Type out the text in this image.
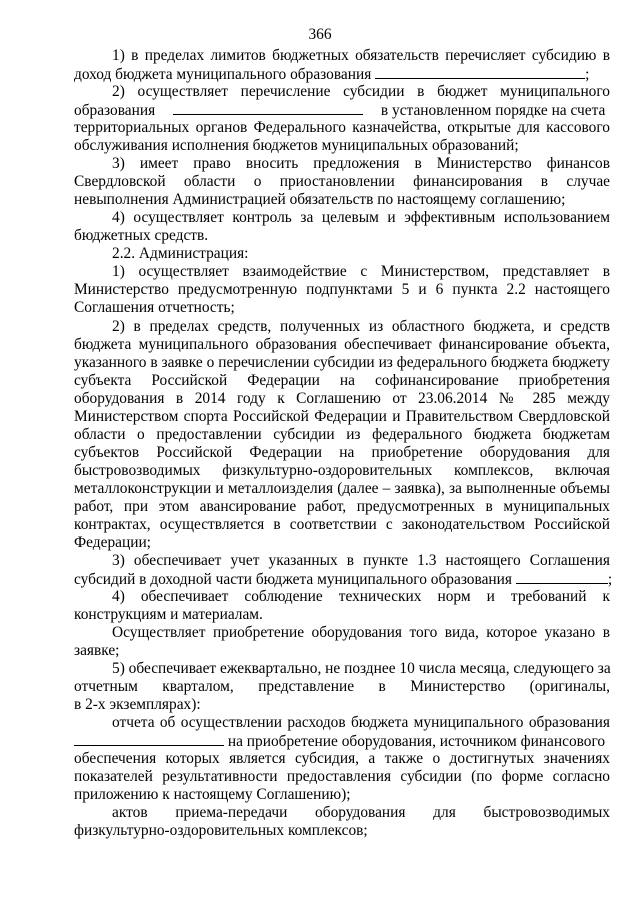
366
1) в пределах лимитов бюджетных обязательств перечисляет субсидию в
доход бюджета муниципального образования	;
2) осуществляет перечисление субсидии в бюджет муниципального
образования	в установленном порядке на счета
территориальных органов Федерального казначейства, открытые для кассового
обслуживания исполнения бюджетов муниципальных образований;
3) имеет право вносить предложения в Министерство финансов
Свердловской области о приостановлении финансирования в случае
невыполнения Администрацией обязательств по настоящему соглашению;
4) осуществляет контроль за целевым и эффективным использованием
бюджетных средств.
2.2. Администрация:
1) осуществляет взаимодействие с Министерством, представляет в
Министерство предусмотренную подпунктами 5 и 6 пункта 2.2 настоящего
Соглашения отчетность;
2) в пределах средств, полученных из областного бюджета, и средств
бюджета муниципального образования обеспечивает финансирование объекта,
указанного в заявке о перечислении субсидии из федерального бюджета бюджету
субъекта Российской Федерации на софинансирование приобретения
оборудования в 2014 году к Соглашению от 23.06.2014 № 285 между
Министерством спорта Российской Федерации и Правительством Свердловской
области о предоставлении субсидии из федерального бюджета бюджетам
субъектов Российской Федерации на приобретение оборудования для
быстровозводимых физкультурно-оздоровительных комплексов, включая
металлоконструкции и металлоизделия (далее – заявка), за выполненные объемы
работ, при этом авансирование работ, предусмотренных в муниципальных
контрактах, осуществляется в соответствии с законодательством Российской
Федерации;
3) обеспечивает учет указанных в пункте 1.3 настоящего Соглашения
субсидий в доходной части бюджета муниципального образования	;
4) обеспечивает соблюдение технических норм и требований к
конструкциям и материалам.
Осуществляет приобретение оборудования того вида, которое указано в
заявке;
5) обеспечивает ежеквартально, не позднее 10 числа месяца, следующего за
отчетным кварталом, представление в Министерство (оригиналы,
в 2-х экземплярах):
отчета об осуществлении расходов бюджета муниципального образования
на приобретение оборудования, источником финансового
обеспечения которых является субсидия, а также о достигнутых значениях
показателей результативности предоставления субсидии (по форме согласно
приложению к настоящему Соглашению);
актов приема-передачи оборудования для быстровозводимых
физкультурно-оздоровительных комплексов;
